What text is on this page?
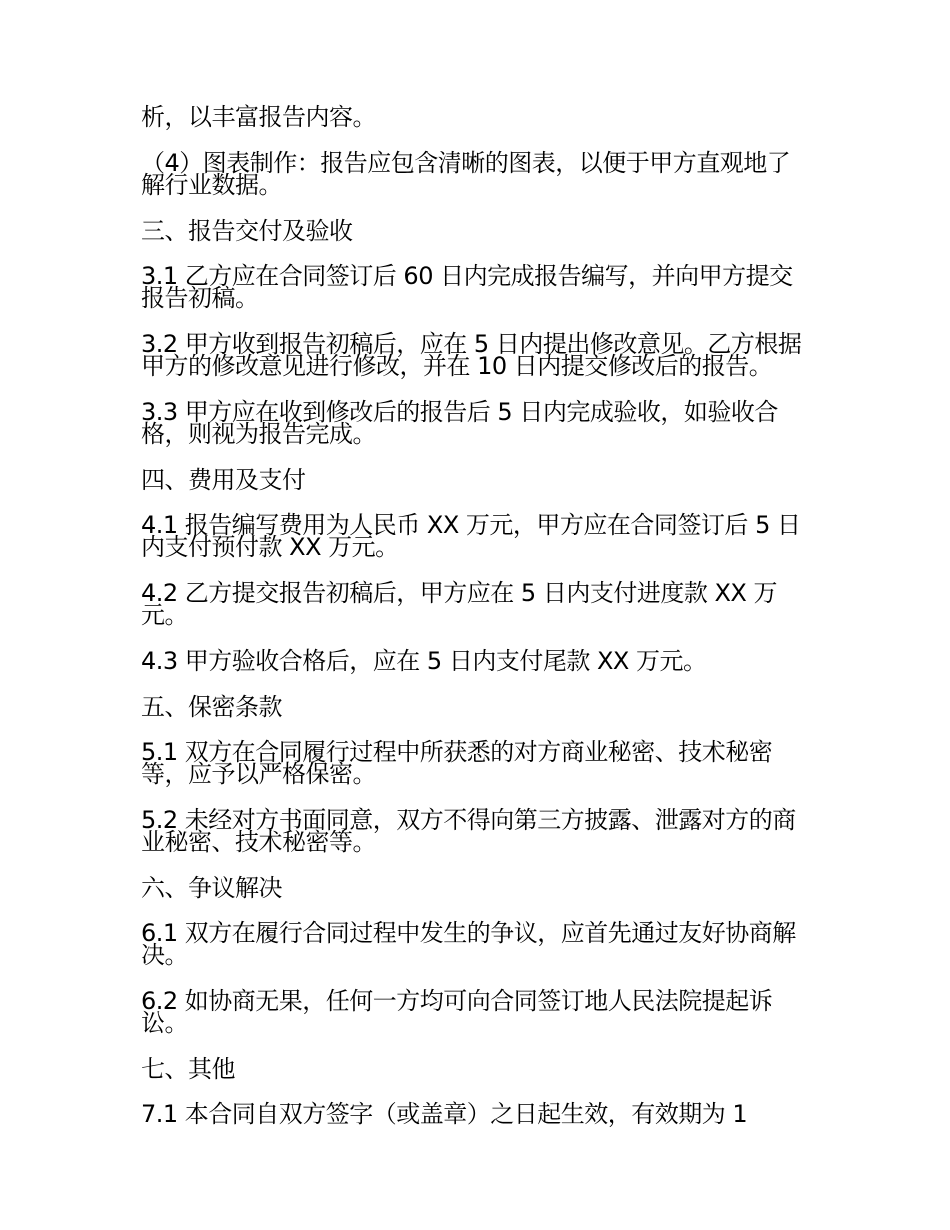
析，以丰富报告内容。

（4）图表制作：报告应包含清晰的图表，以便于甲方直观地了解行业数据。

三、报告交付及验收

3.1 乙方应在合同签订后 60 日内完成报告编写，并向甲方提交报告初稿。

3.2 甲方收到报告初稿后，应在 5 日内提出修改意见。乙方根据甲方的修改意见进行修改，并在 10 日内提交修改后的报告。

3.3 甲方应在收到修改后的报告后 5 日内完成验收，如验收合格，则视为报告完成。

四、费用及支付

4.1 报告编写费用为人民币 XX 万元，甲方应在合同签订后 5 日内支付预付款 XX 万元。

4.2 乙方提交报告初稿后，甲方应在 5 日内支付进度款 XX 万元。

4.3 甲方验收合格后，应在 5 日内支付尾款 XX 万元。

五、保密条款

5.1 双方在合同履行过程中所获悉的对方商业秘密、技术秘密等，应予以严格保密。

5.2 未经对方书面同意，双方不得向第三方披露、泄露对方的商业秘密、技术秘密等。

六、争议解决

6.1 双方在履行合同过程中发生的争议，应首先通过友好协商解决。

6.2 如协商无果，任何一方均可向合同签订地人民法院提起诉讼。

七、其他

7.1 本合同自双方签字（或盖章）之日起生效，有效期为 1
